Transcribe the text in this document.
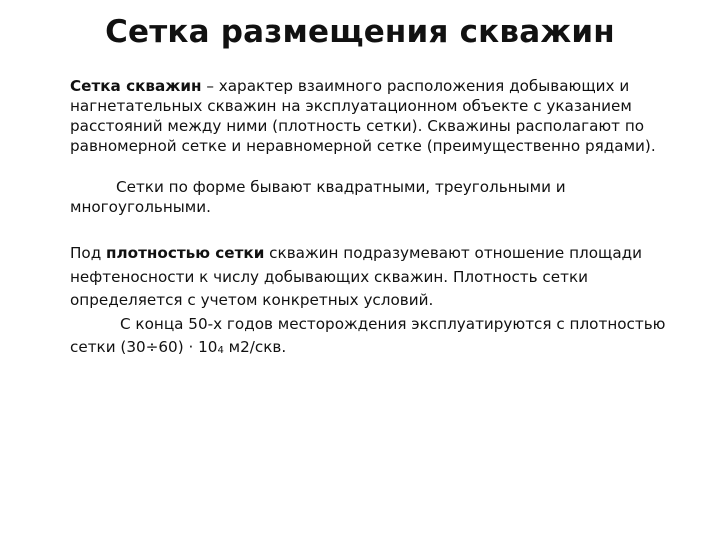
Сетка размещения скважин

Сетка скважин – характер взаимного расположения добывающих и нагнетательных скважин на эксплуатационном объекте с указанием расстояний между ними (плотность сетки). Скважины располагают по равномерной сетке и неравномерной сетке (преимущественно рядами).

Сетки по форме бывают квадратными, треугольными и многоугольными.

Под плотностью сетки скважин подразумевают отношение площади нефтеносности к числу добывающих скважин. Плотность сетки определяется с учетом конкретных условий.
С конца 50-х годов месторождения эксплуатируются с плотностью сетки $(30\div 60) \cdot 10_4$ м2/скв.
